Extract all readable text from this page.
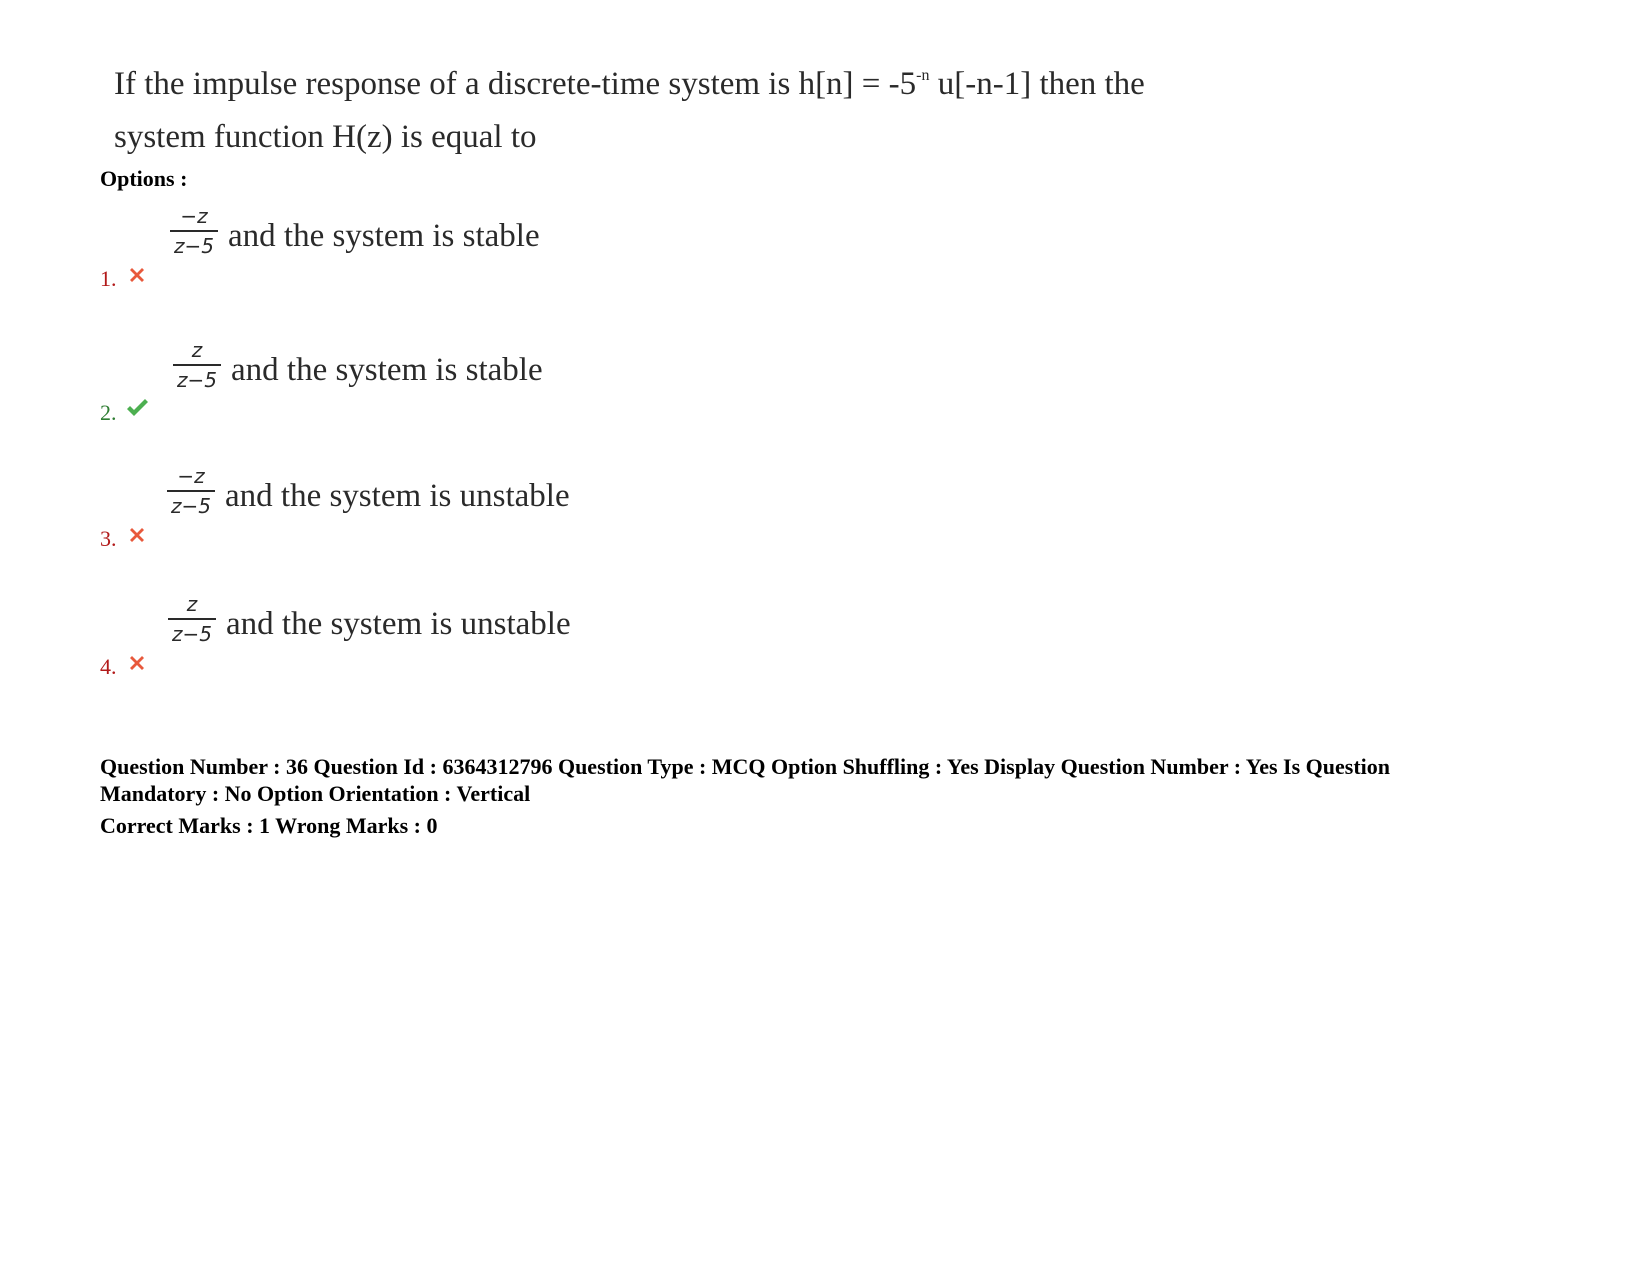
If the impulse response of a discrete-time system is $h[n] = -5^{-n}$ u[-n-1] then the
system function H(z) is equal to
Options :
1.
−z
z−5 and the system is stable
2.
z
z−5 and the system is stable
3.
−z
z−5 and the system is unstable
4.
z
z−5 and the system is unstable
Question Number : 36 Question Id : 6364312796 Question Type : MCQ Option Shuffling : Yes Display Question Number : Yes Is Question Mandatory : No Option Orientation : Vertical
Correct Marks : 1 Wrong Marks : 0
